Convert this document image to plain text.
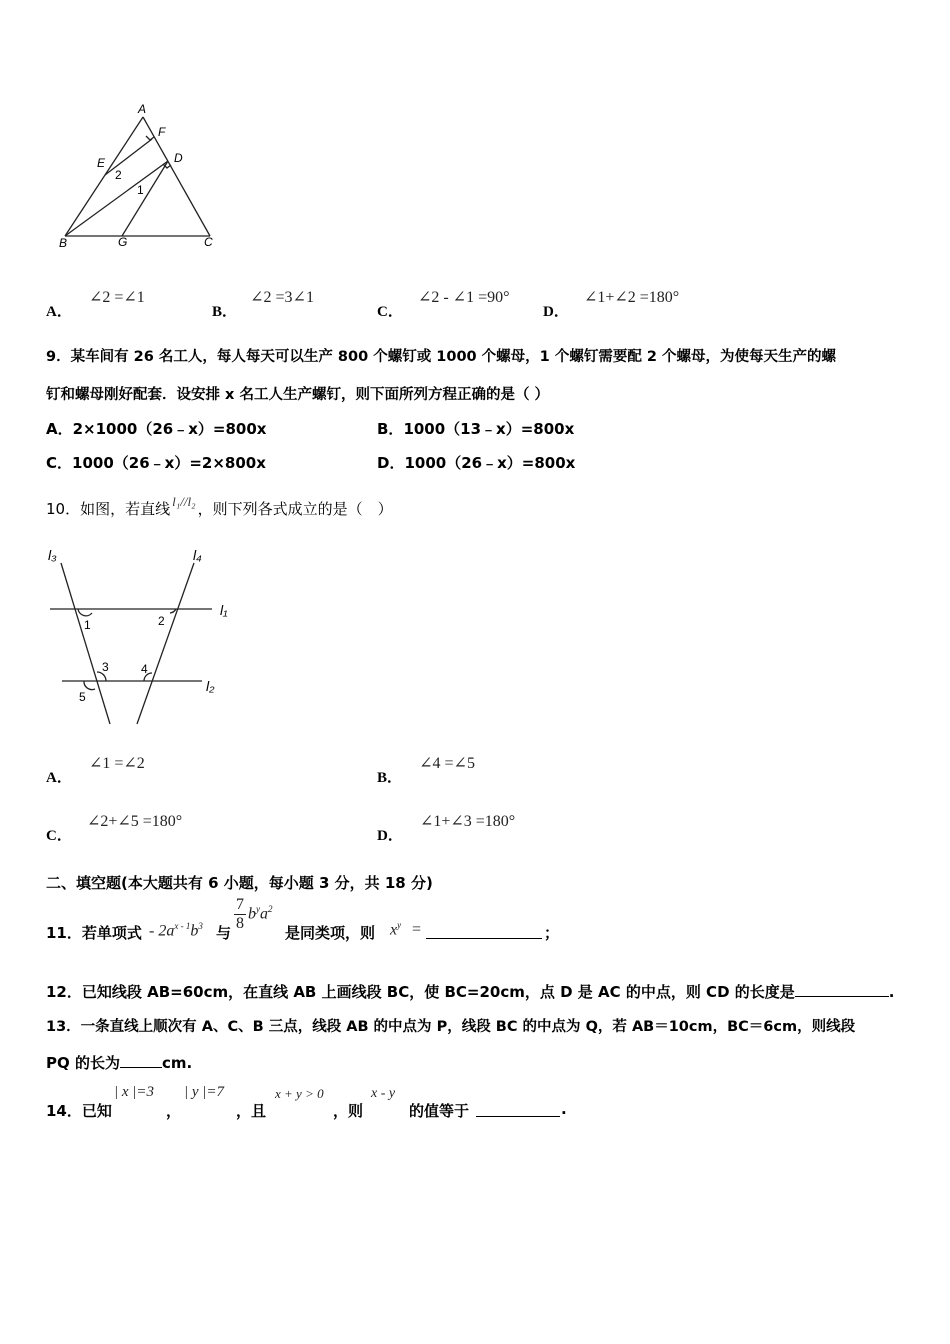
A
F
E	D
2
1
B	G	C
A． ∠2 =∠1
B． ∠2 =3∠1
C． ∠2 - ∠1 =90°
D． ∠1+∠2 =180°
9．某车间有 26 名工人，每人每天可以生产 800 个螺钉或 1000 个螺母，1 个螺钉需要配 2 个螺母，为使每天生产的螺
钉和螺母刚好配套．设安排 x 名工人生产螺钉，则下面所列方程正确的是（ ）
A．2×1000（26﹣x）=800x	B．1000（13﹣x）=800x
C．1000（26﹣x）=2×800x	D．1000（26﹣x）=800x
10．如图，若直线 l₁//l₂ ，则下列各式成立的是（　）
l₃	l₄
l₁
l₂
1	2
3	4
5
A． ∠1 =∠2
B． ∠4 =∠5
C． ∠2+∠5 =180°
D． ∠1+∠3 =180°
二、填空题(本大题共有 6 小题，每小题 3 分，共 18 分)
11．若单项式 - $2a^{x - 1}b^3$ 与 $\frac{7}{8} b^ya^2$
是同类项，则 $x^y$ =	；
12．已知线段 AB=60cm，在直线 AB 上画线段 BC，使 BC=20cm，点 D 是 AC 的中点，则 CD 的长度是	.
13．一条直线上顺次有 A、C、B 三点，线段 AB 的中点为 P，线段 BC 的中点为 Q，若 AB＝10cm，BC＝6cm，则线段
PQ 的长为	cm.
14．已知
| x |=3
，
| y |=7
，且
x + y > 0
，则
x - y
的值等于	.
